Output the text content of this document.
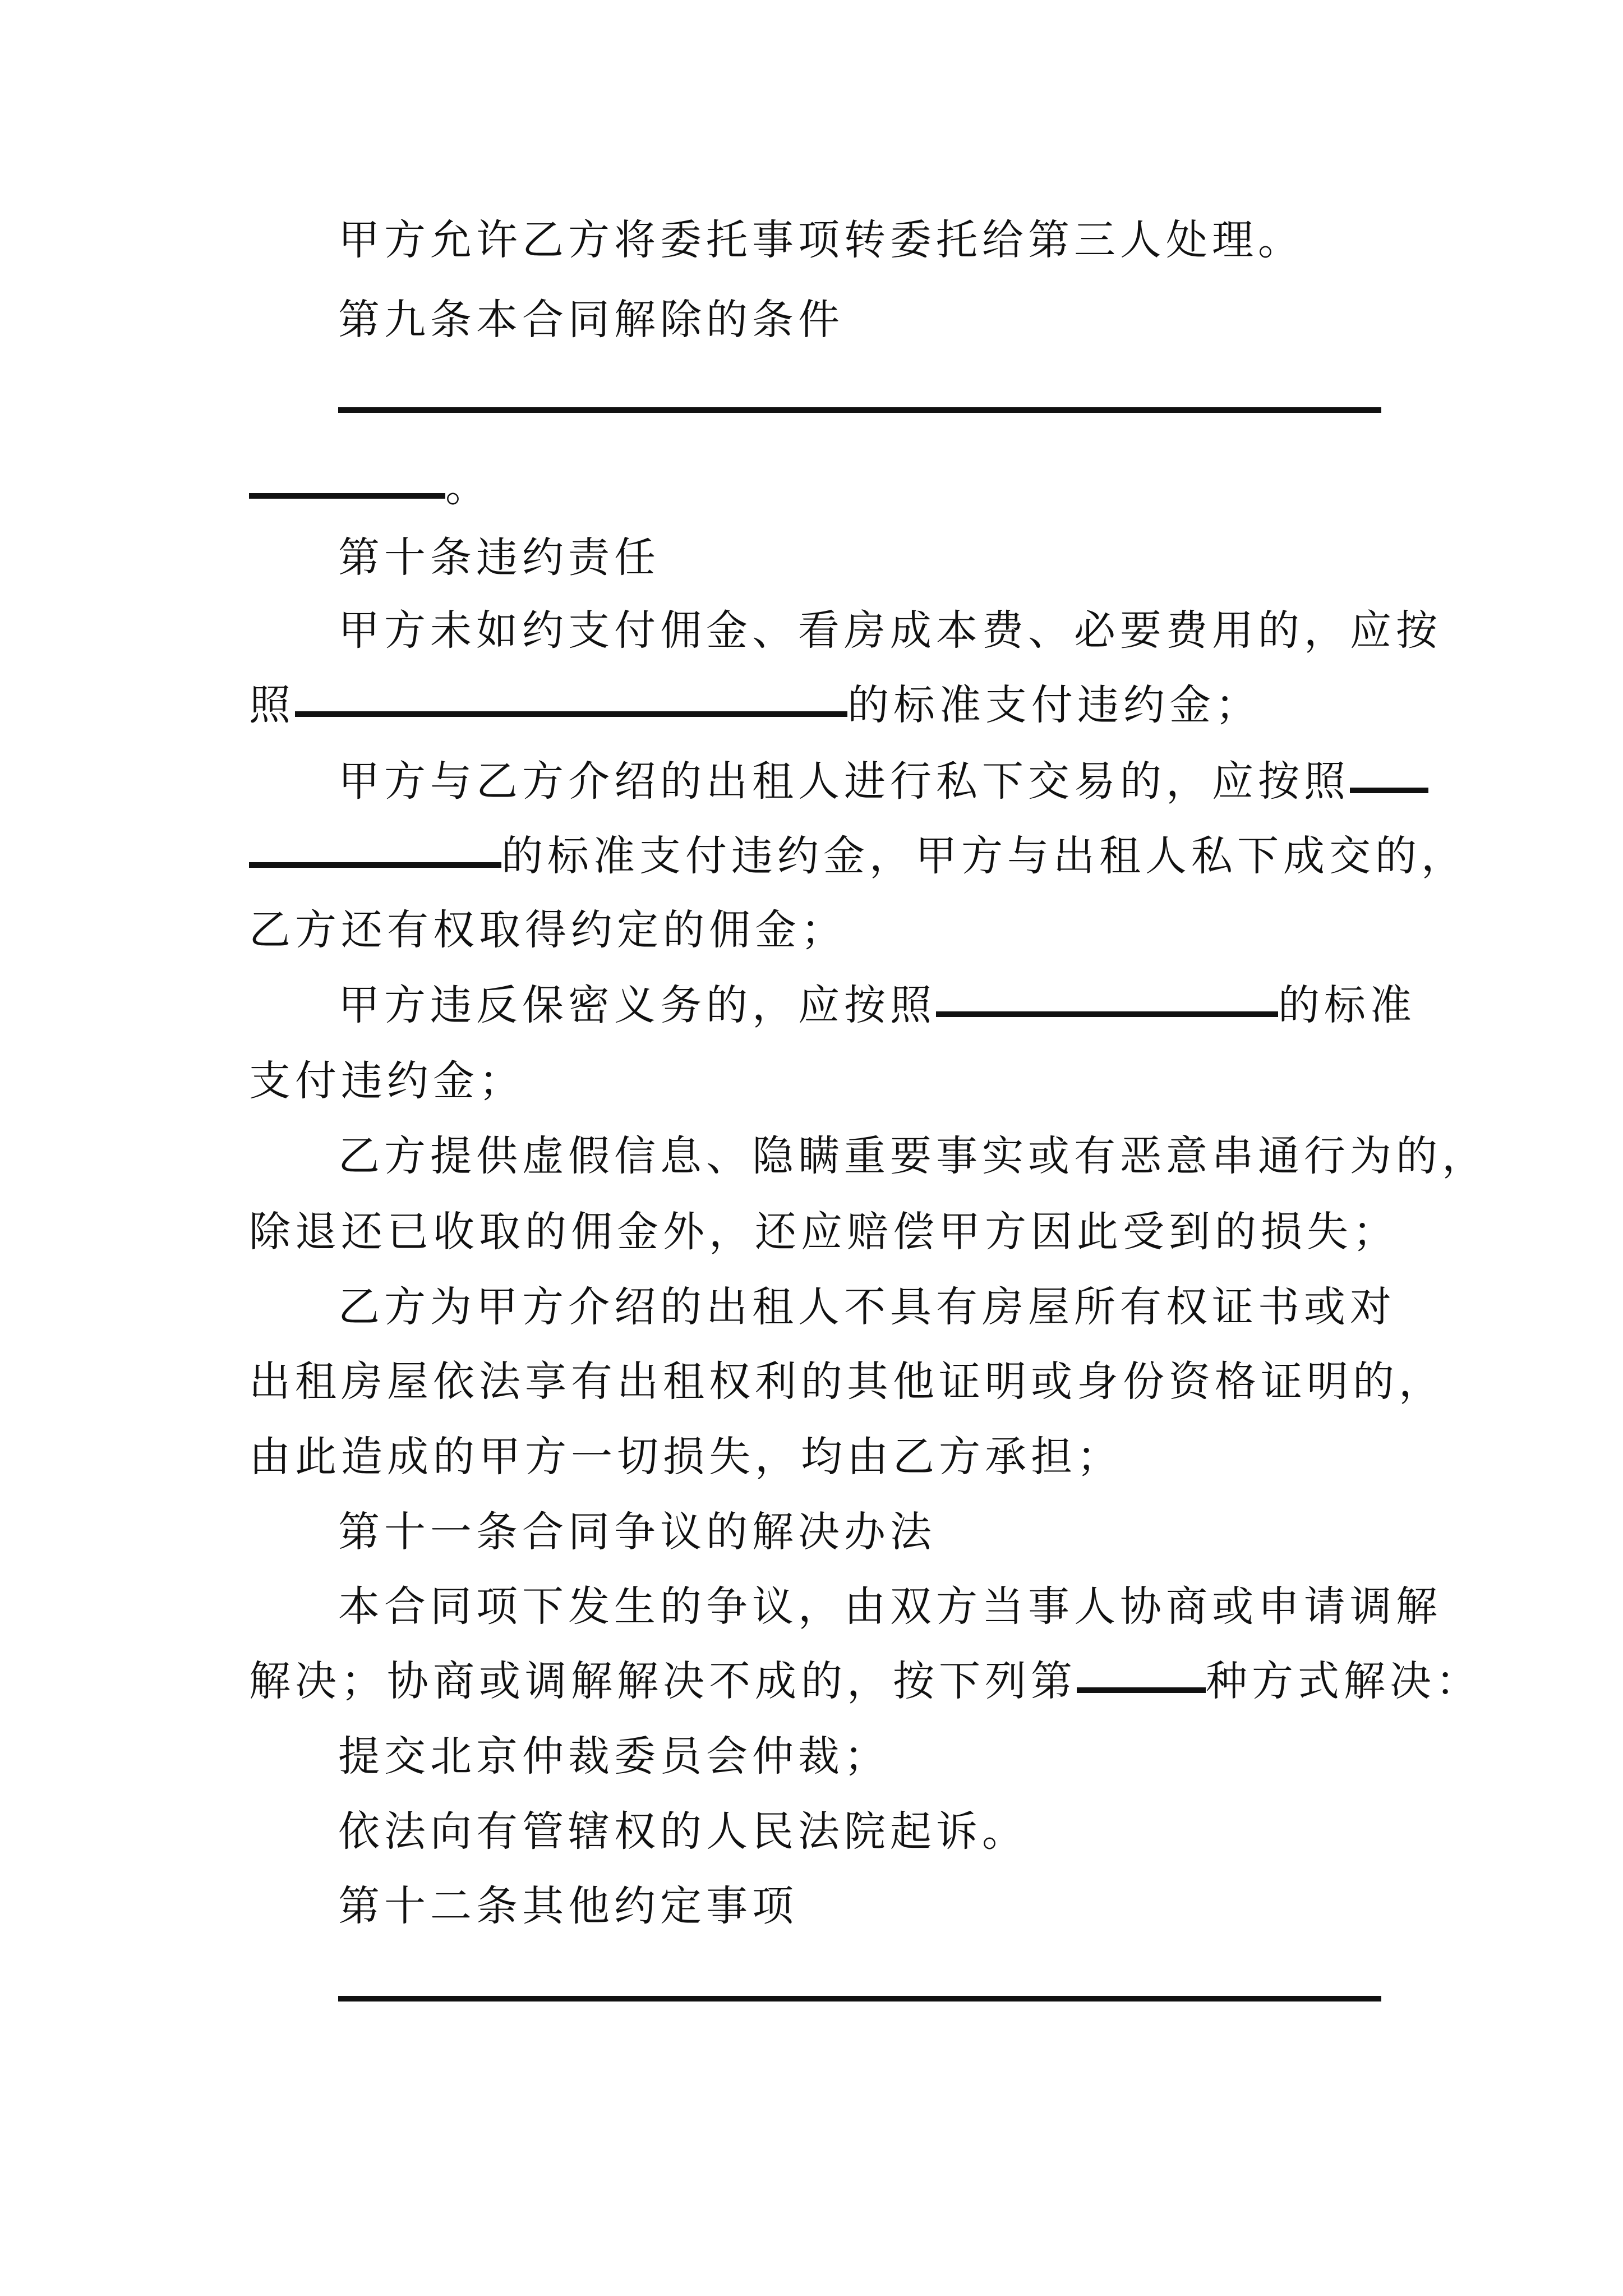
甲方允许乙方将委托事项转委托给第三人处理。

第九条本合同解除的条件

。

第十条违约责任

甲方未如约支付佣金、看房成本费、必要费用的，应按

照	的标准支付违约金；
甲方与乙方介绍的出租人进行私下交易的，应按照
的标准支付违约金，甲方与出租人私下成交的，

乙方还有权取得约定的佣金；

甲方违反保密义务的，应按照	的标准

支付违约金；

乙方提供虚假信息、隐瞒重要事实或有恶意串通行为的，

除退还已收取的佣金外，还应赔偿甲方因此受到的损失；

乙方为甲方介绍的出租人不具有房屋所有权证书或对

出租房屋依法享有出租权利的其他证明或身份资格证明的，

由此造成的甲方一切损失，均由乙方承担；

第十一条合同争议的解决办法

本合同项下发生的争议，由双方当事人协商或申请调解

解决；协商或调解解决不成的，按下列第	种方式解决：

提交北京仲裁委员会仲裁；

依法向有管辖权的人民法院起诉。

第十二条其他约定事项
